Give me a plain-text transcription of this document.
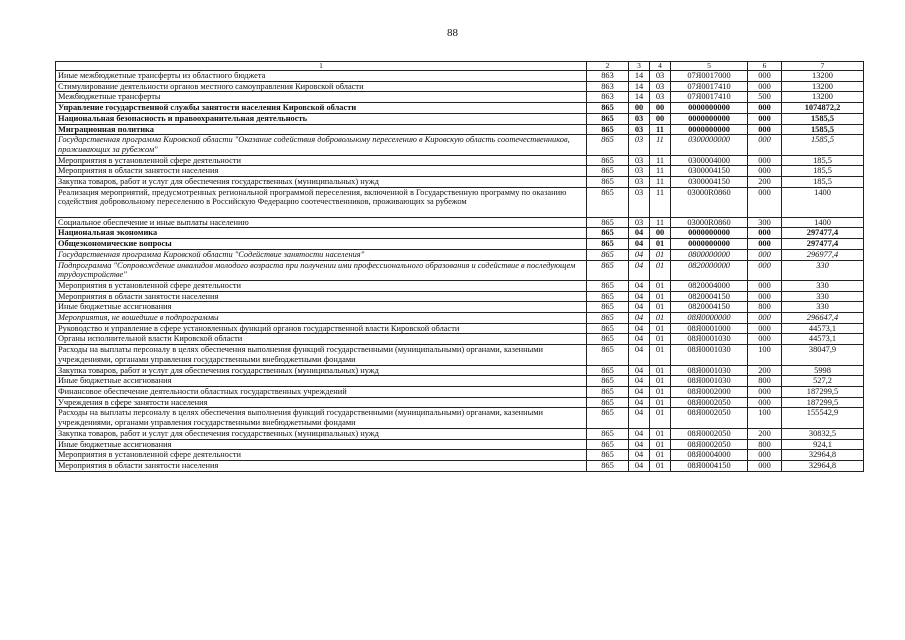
88
1	2	3	4	5	6	7
Иные межбюджетные трансферты из областного бюджета	863	14	03	07Я0017000	000	13200
Стимулирование деятельности органов местного самоуправления Кировской области	863	14	03	07Я0017410	000	13200
Межбюджетные трансферты	863	14	03	07Я0017410	500	13200
Управление государственной службы занятости населения Кировской области	865	00	00	0000000000	000	1074872,2
Национальная безопасность и правоохранительная деятельность	865	03	00	0000000000	000	1585,5
Миграционная политика	865	03	11	0000000000	000	1585,5
Государственная программа Кировской области "Оказание содействия добровольному переселению в Кировскую область соотечественников, проживающих за рубежом"	865	03	11	0300000000	000	1585,5
Мероприятия в установленной сфере деятельности	865	03	11	0300004000	000	185,5
Мероприятия в области занятости населения	865	03	11	0300004150	000	185,5
Закупка товаров, работ и услуг для обеспечения государственных (муниципальных) нужд	865	03	11	0300004150	200	185,5
Реализация мероприятий, предусмотренных региональной программой переселения, включенной в Государственную программу по оказанию содействия добровольному переселению в Российскую Федерацию соотечественников, проживающих за рубежом	865	03	11	03000R0860	000	1400
Социальное обеспечение и иные выплаты населению	865	03	11	03000R0860	300	1400
Национальная экономика	865	04	00	0000000000	000	297477,4
Общеэкономические вопросы	865	04	01	0000000000	000	297477,4
Государственная программа Кировской области "Содействие занятости населения"	865	04	01	0800000000	000	296977,4
Подпрограмма "Сопровождение инвалидов молодого возраста при получении ими профессионального образования и содействие в последующем трудоустройстве"	865	04	01	0820000000	000	330
Мероприятия в установленной сфере деятельности	865	04	01	0820004000	000	330
Мероприятия в области занятости населения	865	04	01	0820004150	000	330
Иные бюджетные ассигнования	865	04	01	0820004150	800	330
Мероприятия, не вошедшие в подпрограммы	865	04	01	08Я0000000	000	296647,4
Руководство и управление в сфере установленных функций органов государственной власти Кировской области	865	04	01	08Я0001000	000	44573,1
Органы исполнительной власти Кировской области	865	04	01	08Я0001030	000	44573,1
Расходы на выплаты персоналу в целях обеспечения выполнения функций государственными (муниципальными) органами, казенными учреждениями, органами управления государственными внебюджетными фондами	865	04	01	08Я0001030	100	38047,9
Закупка товаров, работ и услуг для обеспечения государственных (муниципальных) нужд	865	04	01	08Я0001030	200	5998
Иные бюджетные ассигнования	865	04	01	08Я0001030	800	527,2
Финансовое обеспечение деятельности областных государственных учреждений	865	04	01	08Я0002000	000	187299,5
Учреждения в сфере занятости населения	865	04	01	08Я0002050	000	187299,5
Расходы на выплаты персоналу в целях обеспечения выполнения функций государственными (муниципальными) органами, казенными учреждениями, органами управления государственными внебюджетными фондами	865	04	01	08Я0002050	100	155542,9
Закупка товаров, работ и услуг для обеспечения государственных (муниципальных) нужд	865	04	01	08Я0002050	200	30832,5
Иные бюджетные ассигнования	865	04	01	08Я0002050	800	924,1
Мероприятия в установленной сфере деятельности	865	04	01	08Я0004000	000	32964,8
Мероприятия в области занятости населения	865	04	01	08Я0004150	000	32964,8
